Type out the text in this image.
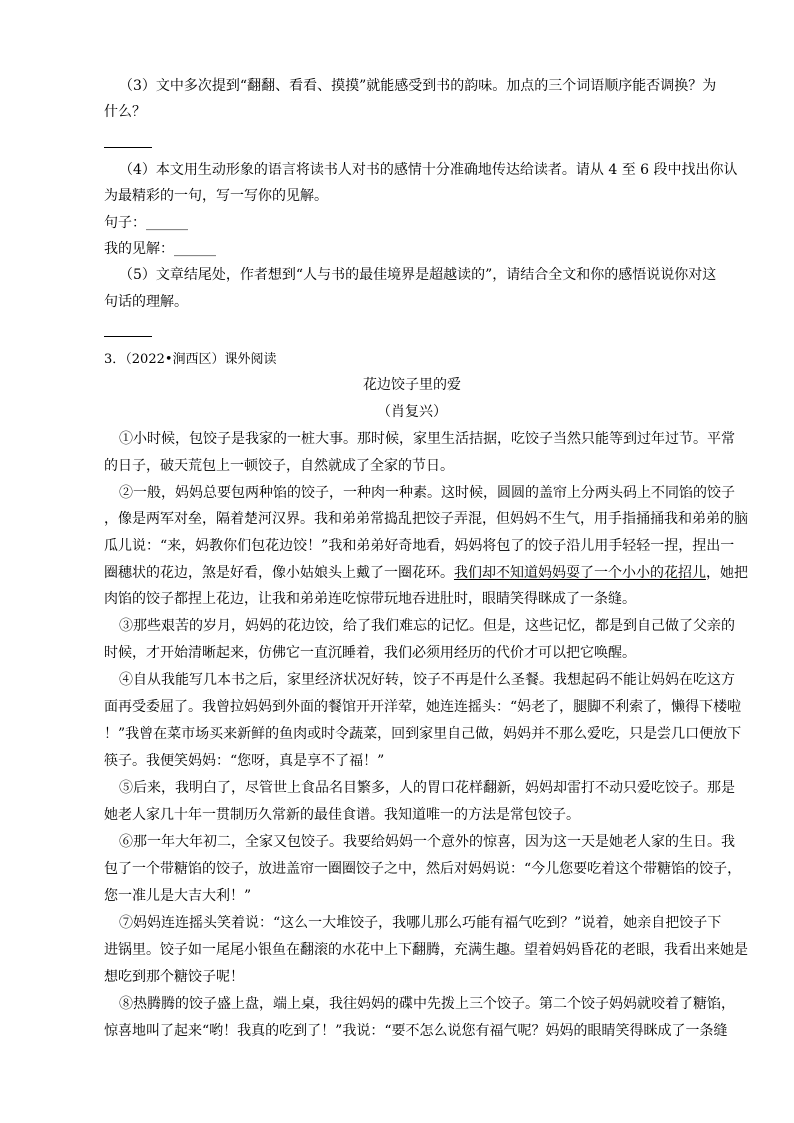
（3）文中多次提到“翻翻、看看、摸摸”就能感受到书的韵味。加点的三个词语顺序能否调换？为
什么？
（4）本文用生动形象的语言将读书人对书的感情十分准确地传达给读者。请从 4 至 6 段中找出你认
为最精彩的一句，写一写你的见解。
句子：______
我的见解：______
（5）文章结尾处，作者想到“人与书的最佳境界是超越读的”，请结合全文和你的感悟说说你对这
句话的理解。
3．（2022•涧西区）课外阅读
花边饺子里的爱
（肖复兴）
①小时候，包饺子是我家的一桩大事。那时候，家里生活拮据，吃饺子当然只能等到过年过节。平常
的日子，破天荒包上一顿饺子，自然就成了全家的节日。
②一般，妈妈总要包两种馅的饺子，一种肉一种素。这时候，圆圆的盖帘上分两头码上不同馅的饺子
，像是两军对垒，隔着楚河汉界。我和弟弟常捣乱把饺子弄混，但妈妈不生气，用手指捅捅我和弟弟的脑
瓜儿说：“来，妈教你们包花边饺！”我和弟弟好奇地看，妈妈将包了的饺子沿儿用手轻轻一捏，捏出一
圈穗状的花边，煞是好看，像小姑娘头上戴了一圈花环。我们却不知道妈妈耍了一个小小的花招儿，她把
肉馅的饺子都捏上花边，让我和弟弟连吃惊带玩地吞进肚时，眼睛笑得眯成了一条缝。
③那些艰苦的岁月，妈妈的花边饺，给了我们难忘的记忆。但是，这些记忆，都是到自己做了父亲的
时候，才开始清晰起来，仿佛它一直沉睡着，我们必须用经历的代价才可以把它唤醒。
④自从我能写几本书之后，家里经济状况好转，饺子不再是什么圣餐。我想起码不能让妈妈在吃这方
面再受委屈了。我曾拉妈妈到外面的餐馆开开洋荤，她连连摇头：“妈老了，腿脚不利索了，懒得下楼啦
！”我曾在菜市场买来新鲜的鱼肉或时令蔬菜，回到家里自己做，妈妈并不那么爱吃，只是尝几口便放下
筷子。我便笑妈妈：“您呀，真是享不了福！”
⑤后来，我明白了，尽管世上食品名目繁多，人的胃口花样翻新，妈妈却雷打不动只爱吃饺子。那是
她老人家几十年一贯制历久常新的最佳食谱。我知道唯一的方法是常包饺子。
⑥那一年大年初二，全家又包饺子。我要给妈妈一个意外的惊喜，因为这一天是她老人家的生日。我
包了一个带糖馅的饺子，放进盖帘一圈圈饺子之中，然后对妈妈说：“今儿您要吃着这个带糖馅的饺子，
您一准儿是大吉大利！”
⑦妈妈连连摇头笑着说：“这么一大堆饺子，我哪儿那么巧能有福气吃到？”说着，她亲自把饺子下
进锅里。饺子如一尾尾小银鱼在翻滚的水花中上下翻腾，充满生趣。望着妈妈昏花的老眼，我看出来她是
想吃到那个糖饺子呢！
⑧热腾腾的饺子盛上盘，端上桌，我往妈妈的碟中先拨上三个饺子。第二个饺子妈妈就咬着了糖馅，
惊喜地叫了起来“哟！我真的吃到了！”我说：“要不怎么说您有福气呢？妈妈的眼睛笑得眯成了一条缝
